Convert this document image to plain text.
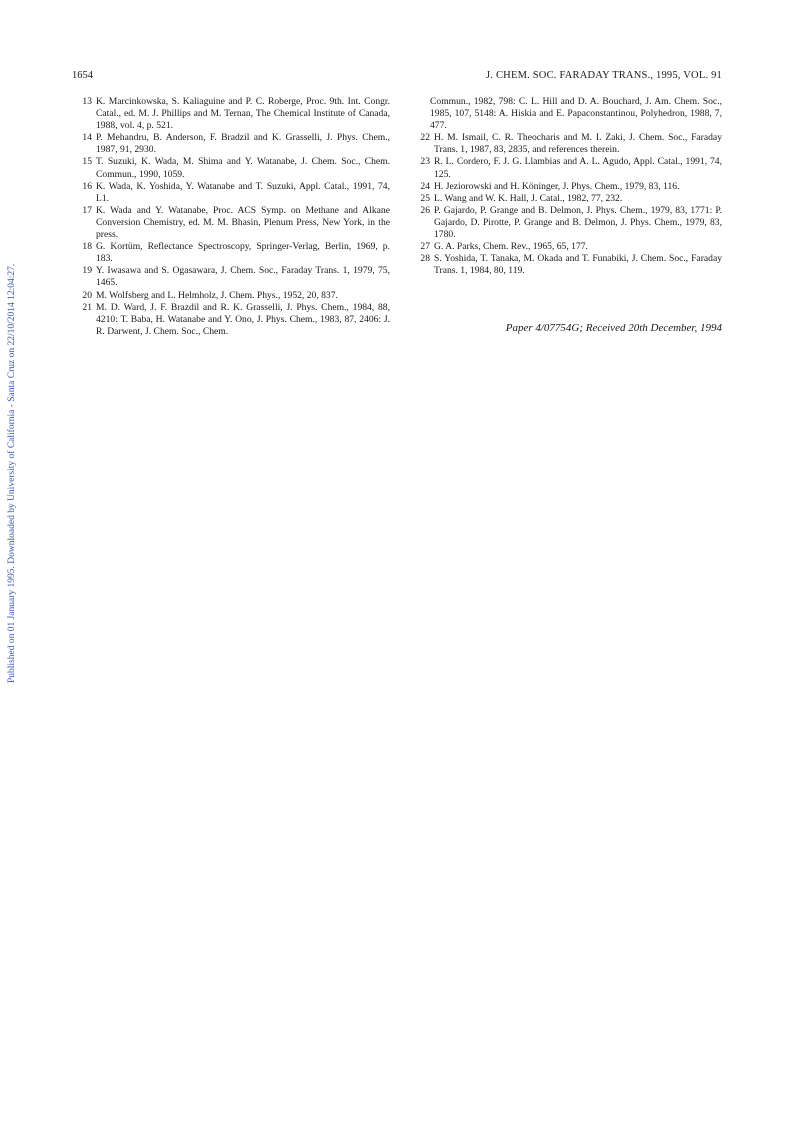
1654	J. CHEM. SOC. FARADAY TRANS., 1995, VOL. 91
13 K. Marcinkowska, S. Kaliaguine and P. C. Roberge, Proc. 9th. Int. Congr. Catal., ed. M. J. Phillips and M. Ternan, The Chemical Institute of Canada, 1988, vol. 4, p. 521.
14 P. Mehandru, B. Anderson, F. Bradzil and K. Grasselli, J. Phys. Chem., 1987, 91, 2930.
15 T. Suzuki, K. Wada, M. Shima and Y. Watanabe, J. Chem. Soc., Chem. Commun., 1990, 1059.
16 K. Wada, K. Yoshida, Y. Watanabe and T. Suzuki, Appl. Catal., 1991, 74, L1.
17 K. Wada and Y. Watanabe, Proc. ACS Symp. on Methane and Alkane Conversion Chemistry, ed. M. M. Bhasin, Plenum Press, New York, in the press.
18 G. Kortüm, Reflectance Spectroscopy, Springer-Verlag, Berlin, 1969, p. 183.
19 Y. Iwasawa and S. Ogasawara, J. Chem. Soc., Faraday Trans. 1, 1979, 75, 1465.
20 M. Wolfsberg and L. Helmholz, J. Chem. Phys., 1952, 20, 837.
21 M. D. Ward, J. F. Brazdil and R. K. Grasselli, J. Phys. Chem., 1984, 88, 4210: T. Baba, H. Watanabe and Y. Ono, J. Phys. Chem., 1983, 87, 2406: J. R. Darwent, J. Chem. Soc., Chem.
Commun., 1982, 798: C. L. Hill and D. A. Bouchard, J. Am. Chem. Soc., 1985, 107, 5148: A. Hiskia and E. Papaconstantinou, Polyhedron, 1988, 7, 477.
22 H. M. Ismail, C. R. Theocharis and M. I. Zaki, J. Chem. Soc., Faraday Trans. 1, 1987, 83, 2835, and references therein.
23 R. L. Cordero, F. J. G. Llambias and A. L. Agudo, Appl. Catal., 1991, 74, 125.
24 H. Jeziorowski and H. Köninger, J. Phys. Chem., 1979, 83, 116.
25 L. Wang and W. K. Hall, J. Catal., 1982, 77, 232.
26 P. Gajardo, P. Grange and B. Delmon, J. Phys. Chem., 1979, 83, 1771: P. Gajardo, D. Pirotte, P. Grange and B. Delmon, J. Phys. Chem., 1979, 83, 1780.
27 G. A. Parks, Chem. Rev., 1965, 65, 177.
28 S. Yoshida, T. Tanaka, M. Okada and T. Funabiki, J. Chem. Soc., Faraday Trans. 1, 1984, 80, 119.
Paper 4/07754G; Received 20th December, 1994
Published on 01 January 1995. Downloaded by University of California - Santa Cruz on 22/10/2014 12:04:27.
